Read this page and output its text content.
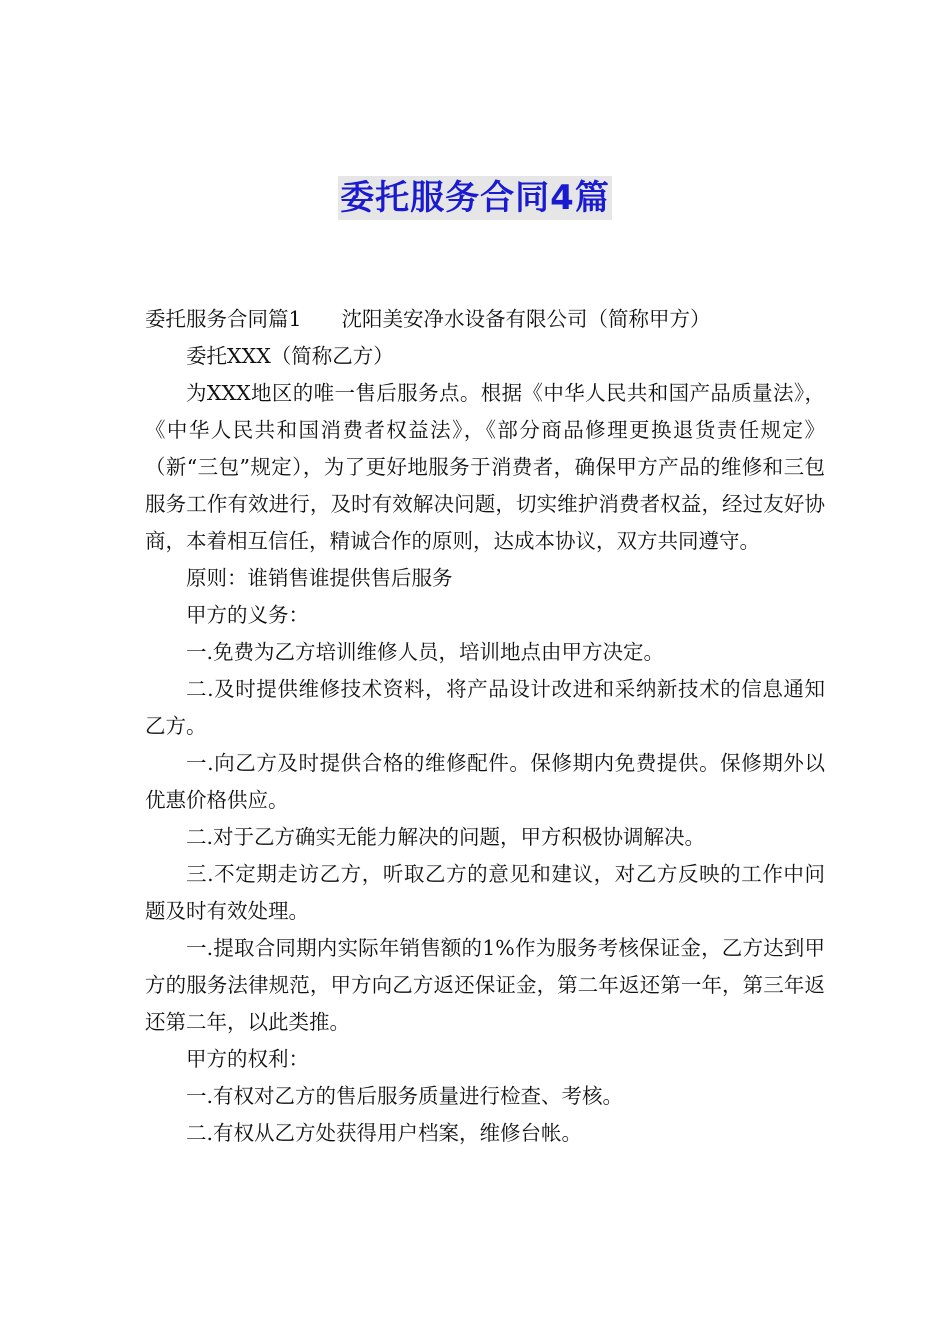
委托服务合同4篇

委托服务合同篇1 沈阳美安净水设备有限公司（简称甲方）

委托XXX（简称乙方）

为XXX地区的唯一售后服务点。根据《中华人民共和国产品质量法》，《中华人民共和国消费者权益法》，《部分商品修理更换退货责任规定》（新“三包”规定），为了更好地服务于消费者，确保甲方产品的维修和三包服务工作有效进行，及时有效解决问题，切实维护消费者权益，经过友好协商，本着相互信任，精诚合作的原则，达成本协议，双方共同遵守。

原则：谁销售谁提供售后服务

甲方的义务：

一.免费为乙方培训维修人员，培训地点由甲方决定。

二.及时提供维修技术资料，将产品设计改进和采纳新技术的信息通知乙方。

一.向乙方及时提供合格的维修配件。保修期内免费提供。保修期外以优惠价格供应。

二.对于乙方确实无能力解决的问题，甲方积极协调解决。

三.不定期走访乙方，听取乙方的意见和建议，对乙方反映的工作中问题及时有效处理。

一.提取合同期内实际年销售额的1%作为服务考核保证金，乙方达到甲方的服务法律规范，甲方向乙方返还保证金，第二年返还第一年，第三年返还第二年，以此类推。

甲方的权利：

一.有权对乙方的售后服务质量进行检查、考核。

二.有权从乙方处获得用户档案，维修台帐。
